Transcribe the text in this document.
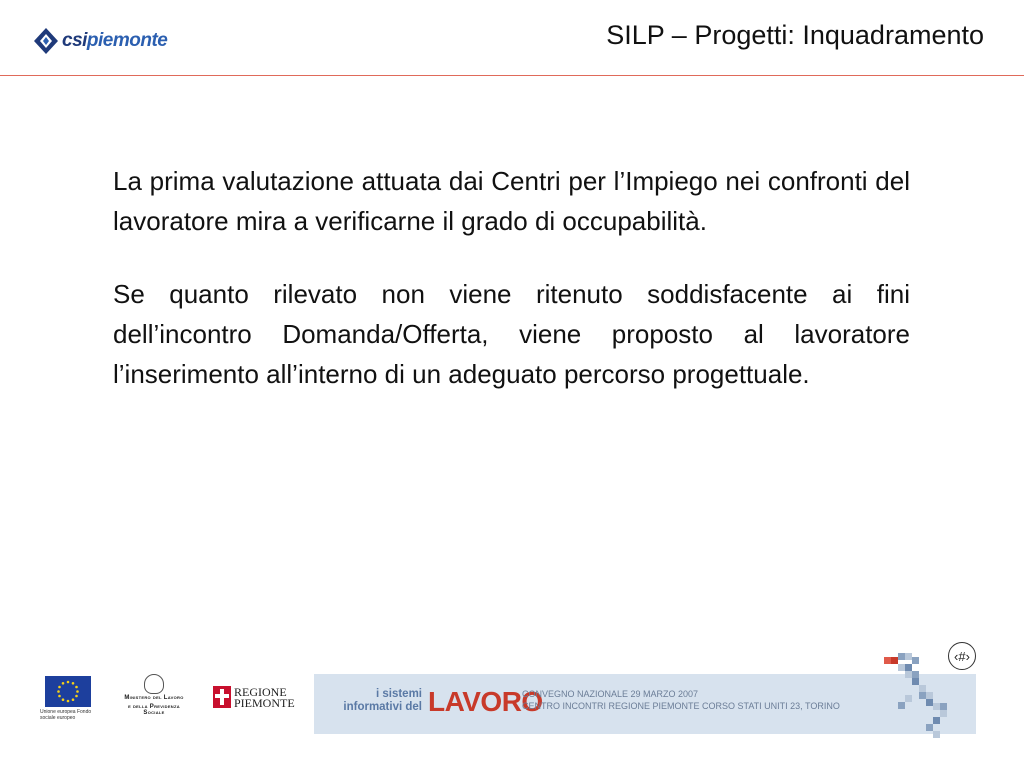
csipiemonte	SILP – Progetti: Inquadramento

La prima valutazione attuata dai Centri per l’Impiego nei confronti del lavoratore mira a verificarne il grado di occupabilità.

Se quanto rilevato non viene ritenuto soddisfacente ai fini dell’incontro Domanda/Offerta, viene proposto al lavoratore l’inserimento all’interno di un adeguato percorso progettuale.

‹#›
Unione europea Fondo sociale europeo
Ministero del Lavoro
e della Previdenza Sociale
REGIONE
PIEMONTE
i sistemi informativi del LAVORO
CONVEGNO NAZIONALE 29 MARZO 2007
CENTRO INCONTRI REGIONE PIEMONTE CORSO STATI UNITI 23, TORINO
